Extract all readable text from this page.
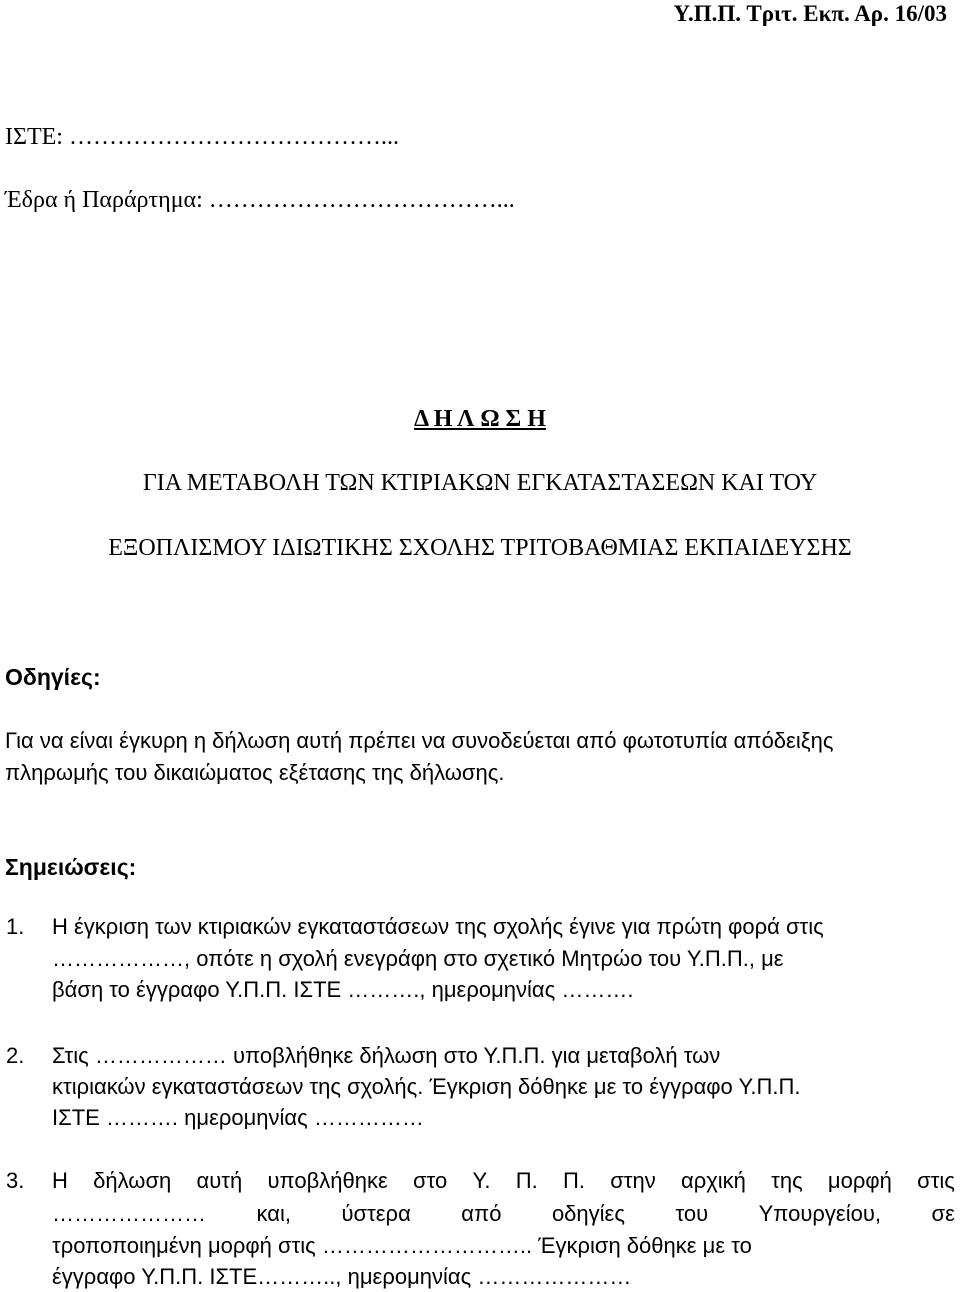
Υ.Π.Π. Τριτ. Εκπ. Αρ. 16/03
ΙΣΤΕ: …………………………………...
Έδρα ή Παράρτημα: ………………………………...
Δ Η Λ Ω Σ Η
ΓΙΑ ΜΕΤΑΒΟΛΗ ΤΩΝ ΚΤΙΡΙΑΚΩΝ ΕΓΚΑΤΑΣΤΑΣΕΩΝ ΚΑΙ ΤΟΥ
ΕΞΟΠΛΙΣΜΟΥ ΙΔΙΩΤΙΚΗΣ ΣΧΟΛΗΣ ΤΡΙΤΟΒΑΘΜΙΑΣ ΕΚΠΑΙΔΕΥΣΗΣ
Οδηγίες:
Για να είναι έγκυρη η δήλωση αυτή πρέπει να συνοδεύεται από φωτοτυπία απόδειξης
πληρωμής του δικαιώματος εξέτασης της δήλωσης.
Σημειώσεις:
1. Η έγκριση των κτιριακών εγκαταστάσεων της σχολής έγινε για πρώτη φορά στις
………………, οπότε η σχολή ενεγράφη στο σχετικό Μητρώο του Υ.Π.Π., με
βάση το έγγραφο Υ.Π.Π. ΙΣΤΕ ………., ημερομηνίας ……….
2. Στις ……………… υποβλήθηκε δήλωση στο Υ.Π.Π. για μεταβολή των
κτιριακών εγκαταστάσεων της σχολής. Έγκριση δόθηκε με το έγγραφο Υ.Π.Π.
ΙΣΤΕ ………. ημερομηνίας ……………
3. Η δήλωση αυτή υποβλήθηκε στο Υ. Π. Π. στην αρχική της μορφή στις
………………… και, ύστερα από οδηγίες του Υπουργείου, σε
τροποποιημένη μορφή στις ……………………….. Έγκριση δόθηκε με το
έγγραφο Υ.Π.Π. ΙΣΤΕ……….., ημερομηνίας …………………
